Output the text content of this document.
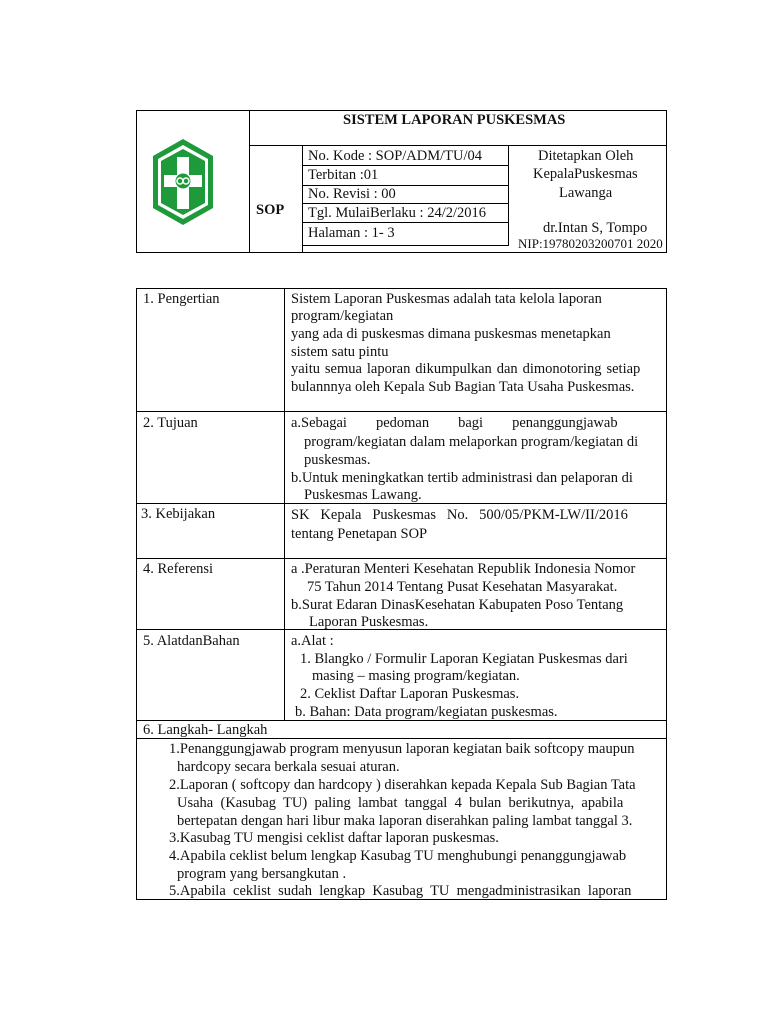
SISTEM LAPORAN PUSKESMAS
SOP
No. Kode : SOP/ADM/TU/04
Terbitan :01
No. Revisi : 00
Tgl. MulaiBerlaku : 24/2/2016
Halaman : 1- 3
Ditetapkan Oleh
KepalaPuskesmas
Lawanga
dr.Intan S, Tompo
NIP:19780203200701 2020
1. Pengertian	Sistem Laporan Puskesmas adalah tata kelola laporan
program/kegiatan
yang ada di puskesmas dimana puskesmas menetapkan
sistem satu pintu
yaitu semua laporan dikumpulkan dan dimonotoring setiap
bulannnya oleh Kepala Sub Bagian Tata Usaha Puskesmas.
2. Tujuan	a.Sebagai        pedoman        bagi        penanggungjawab
program/kegiatan dalam melaporkan program/kegiatan di
puskesmas.
b.Untuk meningkatkan tertib administrasi dan pelaporan di
Puskesmas Lawang.
3. Kebijakan	SK   Kepala   Puskesmas   No.   500/05/PKM-LW/II/2016
tentang Penetapan SOP
4. Referensi	a .Peraturan Menteri Kesehatan Republik Indonesia Nomor
75 Tahun 2014 Tentang Pusat Kesehatan Masyarakat.
b.Surat Edaran DinasKesehatan Kabupaten Poso Tentang
Laporan Puskesmas.
5. AlatdanBahan	a.Alat :
1. Blangko / Formulir Laporan Kegiatan Puskesmas dari
masing – masing program/kegiatan.
2. Ceklist Daftar Laporan Puskesmas.
b. Bahan: Data program/kegiatan puskesmas.
6. Langkah- Langkah
1.Penanggungjawab program menyusun laporan kegiatan baik softcopy maupun
hardcopy secara berkala sesuai aturan.
2.Laporan ( softcopy dan hardcopy ) diserahkan kepada Kepala Sub Bagian Tata
Usaha  (Kasubag  TU)  paling  lambat  tanggal  4  bulan  berikutnya,  apabila
bertepatan dengan hari libur maka laporan diserahkan paling lambat tanggal 3.
3.Kasubag TU mengisi ceklist daftar laporan puskesmas.
4.Apabila ceklist belum lengkap Kasubag TU menghubungi penanggungjawab
program yang bersangkutan .
5.Apabila  ceklist  sudah  lengkap  Kasubag  TU  mengadministrasikan  laporan
